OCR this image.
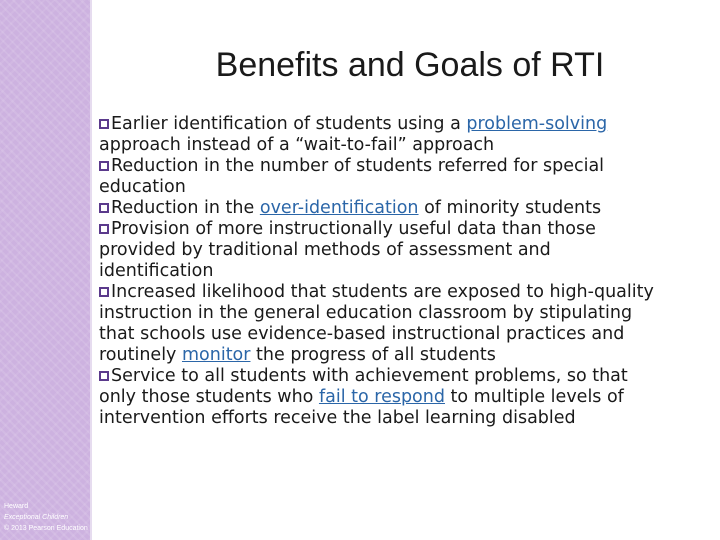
Heward
Exceptional Children
© 2013 Pearson Education
Benefits and Goals of RTI

Earlier identification of students using a problem-solving approach instead of a “wait-to-fail” approach

Reduction in the number of students referred for special education

Reduction in the over-identification of minority students

Provision of more instructionally useful data than those provided by traditional methods of assessment and identification

Increased likelihood that students are exposed to high-quality instruction in the general education classroom by stipulating that schools use evidence-based instructional practices and routinely monitor the progress of all students

Service to all students with achievement problems, so that only those students who fail to respond to multiple levels of intervention efforts receive the label learning disabled
